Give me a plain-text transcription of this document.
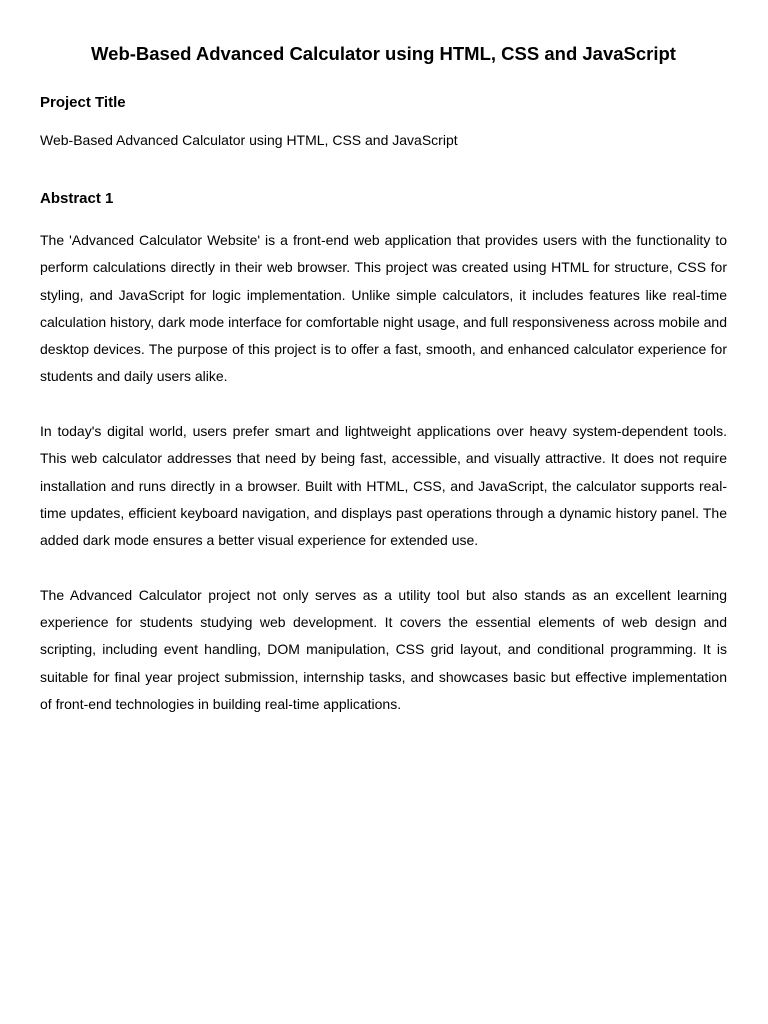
Web-Based Advanced Calculator using HTML, CSS and JavaScript
Project Title

Web-Based Advanced Calculator using HTML, CSS and JavaScript

Abstract 1

The 'Advanced Calculator Website' is a front-end web application that provides users with the functionality to perform calculations directly in their web browser. This project was created using HTML for structure, CSS for styling, and JavaScript for logic implementation. Unlike simple calculators, it includes features like real-time calculation history, dark mode interface for comfortable night usage, and full responsiveness across mobile and desktop devices. The purpose of this project is to offer a fast, smooth, and enhanced calculator experience for students and daily users alike.

In today's digital world, users prefer smart and lightweight applications over heavy system-dependent tools. This web calculator addresses that need by being fast, accessible, and visually attractive. It does not require installation and runs directly in a browser. Built with HTML, CSS, and JavaScript, the calculator supports real-time updates, efficient keyboard navigation, and displays past operations through a dynamic history panel. The added dark mode ensures a better visual experience for extended use.

The Advanced Calculator project not only serves as a utility tool but also stands as an excellent learning experience for students studying web development. It covers the essential elements of web design and scripting, including event handling, DOM manipulation, CSS grid layout, and conditional programming. It is suitable for final year project submission, internship tasks, and showcases basic but effective implementation of front-end technologies in building real-time applications.
